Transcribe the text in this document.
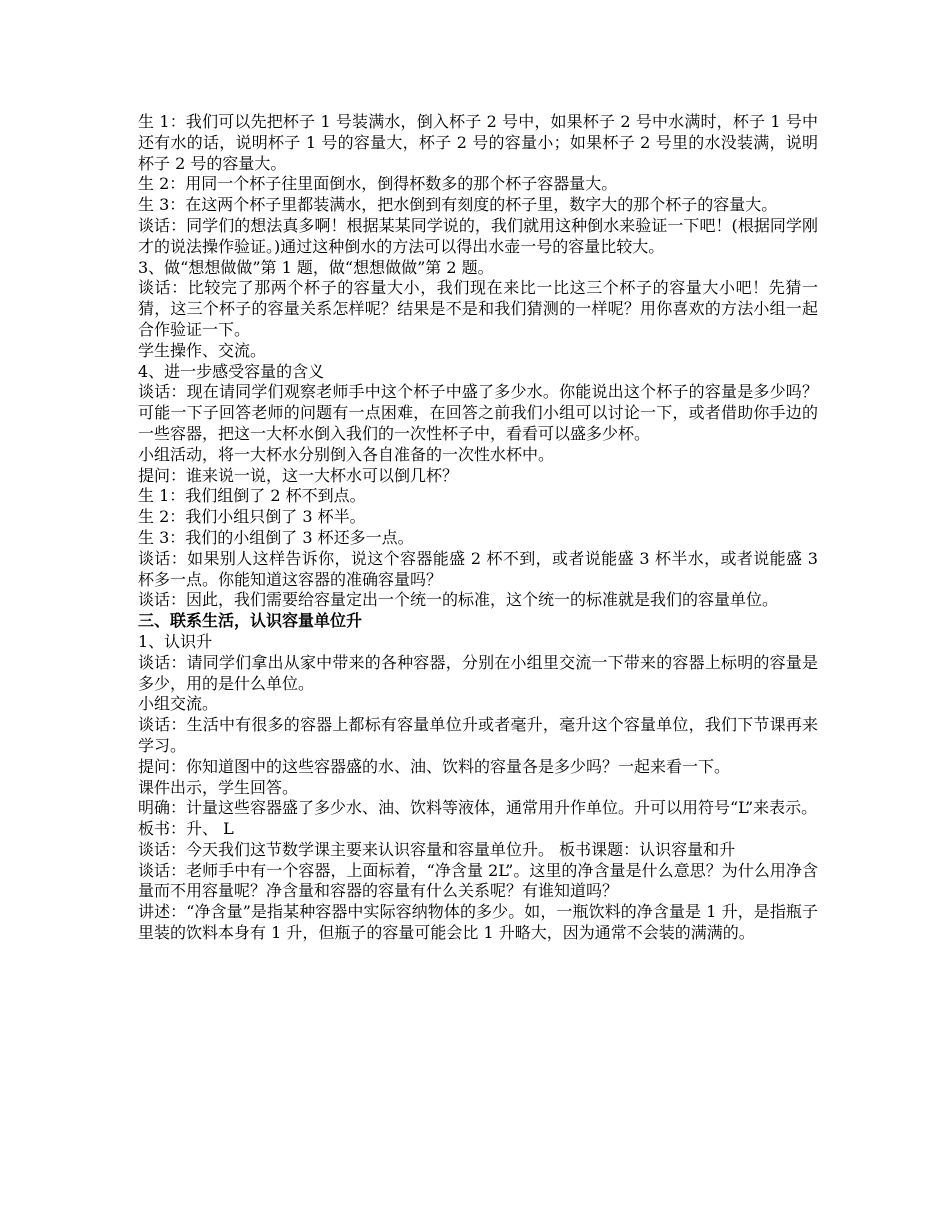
生 1：我们可以先把杯子 1 号装满水，倒入杯子 2 号中，如果杯子 2 号中水满时，杯子 1 号中还有水的话，说明杯子 1 号的容量大，杯子 2 号的容量小；如果杯子 2 号里的水没装满，说明杯子 2 号的容量大。

生 2：用同一个杯子往里面倒水，倒得杯数多的那个杯子容器量大。

生 3：在这两个杯子里都装满水，把水倒到有刻度的杯子里，数字大的那个杯子的容量大。

谈话：同学们的想法真多啊！根据某某同学说的，我们就用这种倒水来验证一下吧！(根据同学刚才的说法操作验证。)通过这种倒水的方法可以得出水壶一号的容量比较大。

3、做“想想做做”第 1 题，做“想想做做”第 2 题。

谈话：比较完了那两个杯子的容量大小，我们现在来比一比这三个杯子的容量大小吧！先猜一猜，这三个杯子的容量关系怎样呢？结果是不是和我们猜测的一样呢？用你喜欢的方法小组一起合作验证一下。

学生操作、交流。

4、进一步感受容量的含义

谈话：现在请同学们观察老师手中这个杯子中盛了多少水。你能说出这个杯子的容量是多少吗？可能一下子回答老师的问题有一点困难，在回答之前我们小组可以讨论一下，或者借助你手边的一些容器，把这一大杯水倒入我们的一次性杯子中，看看可以盛多少杯。

小组活动，将一大杯水分别倒入各自准备的一次性水杯中。

提问：谁来说一说，这一大杯水可以倒几杯？

生 1：我们组倒了 2 杯不到点。

生 2：我们小组只倒了 3 杯半。

生 3：我们的小组倒了 3 杯还多一点。

谈话：如果别人这样告诉你，说这个容器能盛 2 杯不到，或者说能盛 3 杯半水，或者说能盛 3 杯多一点。你能知道这容器的准确容量吗？

谈话：因此，我们需要给容量定出一个统一的标准，这个统一的标准就是我们的容量单位。

三、联系生活，认识容量单位升

1、认识升

谈话：请同学们拿出从家中带来的各种容器，分别在小组里交流一下带来的容器上标明的容量是多少，用的是什么单位。

小组交流。

谈话：生活中有很多的容器上都标有容量单位升或者毫升，毫升这个容量单位，我们下节课再来学习。

提问：你知道图中的这些容器盛的水、油、饮料的容量各是多少吗？一起来看一下。

课件出示，学生回答。

明确：计量这些容器盛了多少水、油、饮料等液体，通常用升作单位。升可以用符号“L”来表示。

板书：升、 L

谈话：今天我们这节数学课主要来认识容量和容量单位升。 板书课题：认识容量和升

谈话：老师手中有一个容器，上面标着，“净含量 2L”。这里的净含量是什么意思？为什么用净含量而不用容量呢？净含量和容器的容量有什么关系呢？有谁知道吗？

讲述：“净含量”是指某种容器中实际容纳物体的多少。如，一瓶饮料的净含量是 1 升，是指瓶子里装的饮料本身有 1 升，但瓶子的容量可能会比 1 升略大，因为通常不会装的满满的。
